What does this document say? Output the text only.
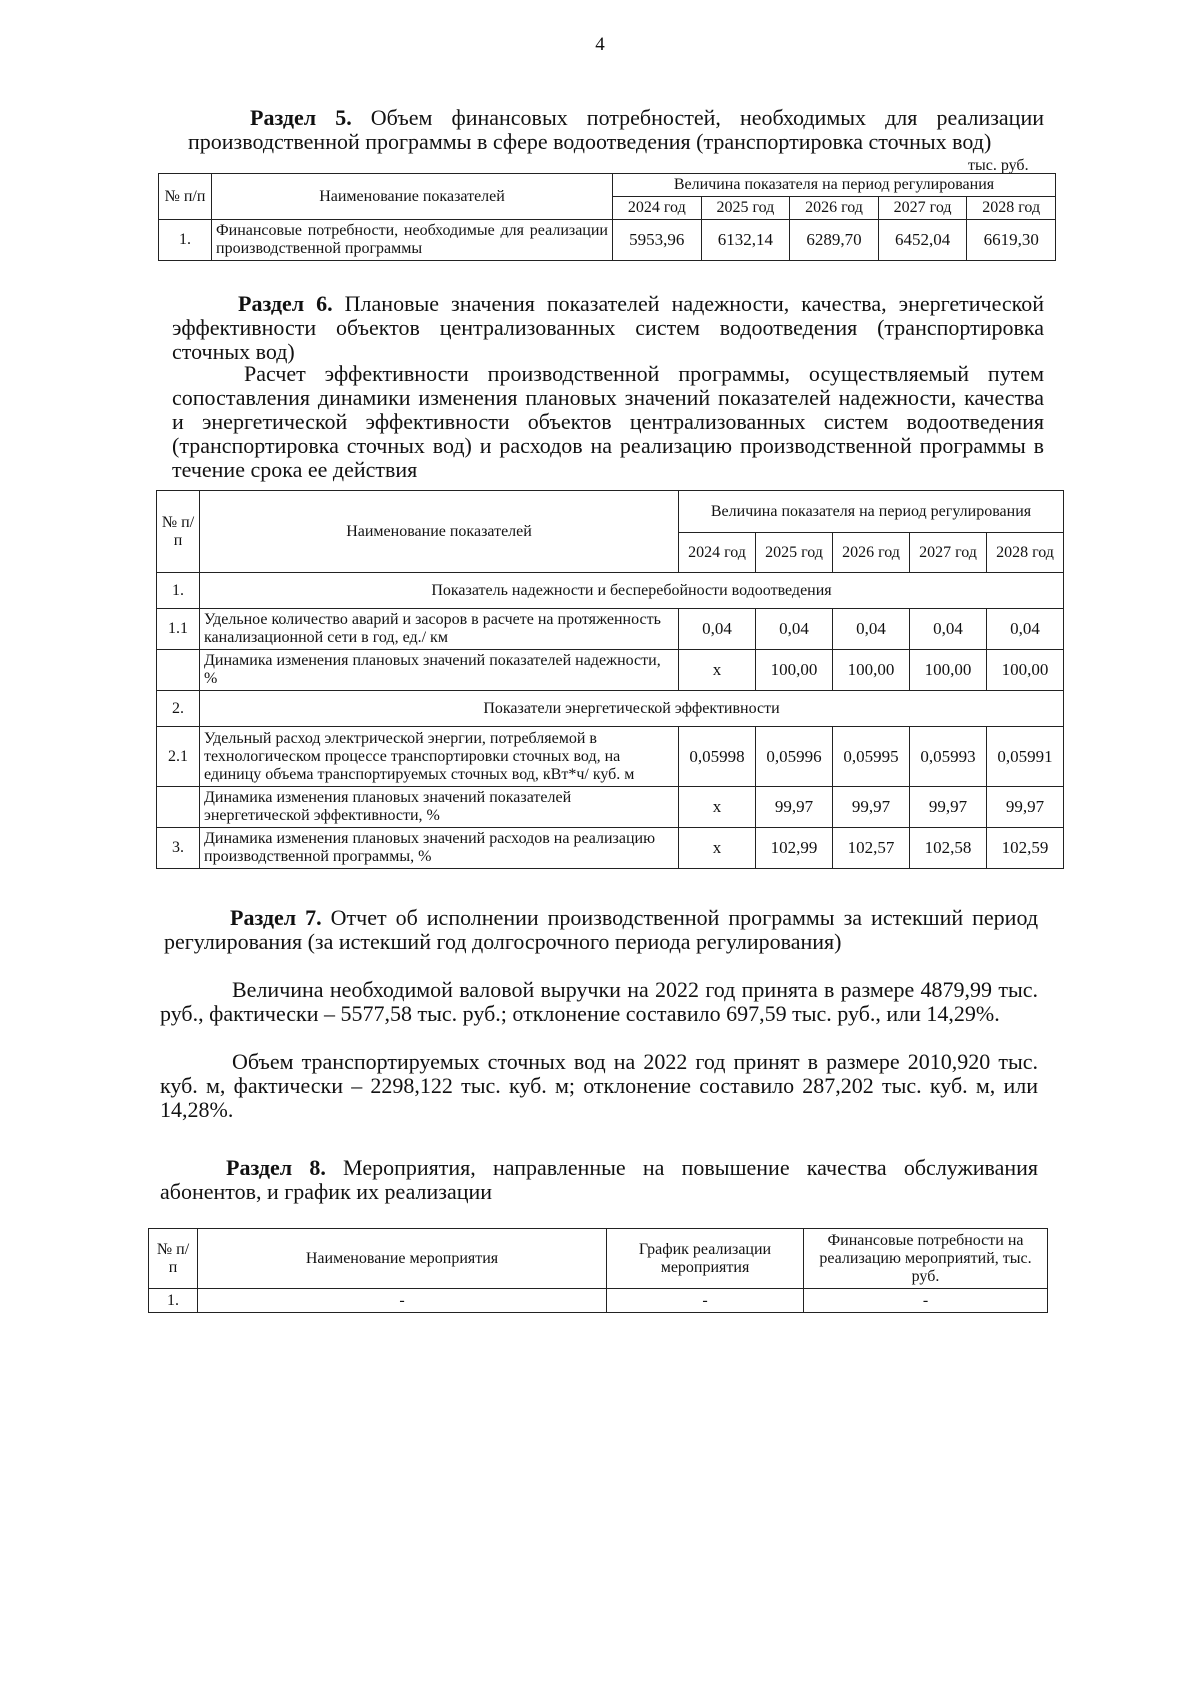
4
Раздел 5. Объем финансовых потребностей, необходимых для реализации производственной программы в сфере водоотведения (транспортировка сточных вод)
тыс. руб.
№ п/п	Наименование показателей	Величина показателя на период регулирования				
		2024 год	2025 год	2026 год	2027 год	2028 год
1.	Финансовые потребности, необходимые для реализации производственной программы	5953,96	6132,14	6289,70	6452,04	6619,30
Раздел 6. Плановые значения показателей надежности, качества, энергетической эффективности объектов централизованных систем водоотведения (транспортировка сточных вод)
Расчет эффективности производственной программы, осуществляемый путем сопоставления динамики изменения плановых значений показателей надежности, качества и энергетической эффективности объектов централизованных систем водоотведения (транспортировка сточных вод) и расходов на реализацию производственной программы в течение срока ее действия
№ п/ п	Наименование показателей	Величина показателя на период регулирования				
		2024 год	2025 год	2026 год	2027 год	2028 год
1.	Показатель надежности и бесперебойности водоотведения					
1.1	Удельное количество аварий и засоров в расчете на протяженность канализационной сети в год, ед./ км	0,04	0,04	0,04	0,04	0,04
	Динамика изменения плановых значений показателей надежности, %	х	100,00	100,00	100,00	100,00
2.	Показатели энергетической эффективности					
2.1	Удельный расход электрической энергии, потребляемой в технологическом процессе транспортировки сточных вод, на единицу объема транспортируемых сточных вод, кВт*ч/ куб. м	0,05998	0,05996	0,05995	0,05993	0,05991
	Динамика изменения плановых значений показателей энергетической эффективности, %	х	99,97	99,97	99,97	99,97
3.	Динамика изменения плановых значений расходов на реализацию производственной программы, %	х	102,99	102,57	102,58	102,59
Раздел 7. Отчет об исполнении производственной программы за истекший период регулирования (за истекший год долгосрочного периода регулирования)
Величина необходимой валовой выручки на 2022 год принята в размере 4879,99 тыс. руб., фактически – 5577,58 тыс. руб.; отклонение составило 697,59 тыс. руб., или 14,29%.
Объем транспортируемых сточных вод на 2022 год принят в размере 2010,920 тыс. куб. м, фактически – 2298,122 тыс. куб. м; отклонение составило 287,202 тыс. куб. м, или 14,28%.
Раздел 8. Мероприятия, направленные на повышение качества обслуживания абонентов, и график их реализации
№ п/п	Наименование мероприятия	График реализации мероприятия	Финансовые потребности на реализацию мероприятий, тыс. руб.
1.	-	-	-
